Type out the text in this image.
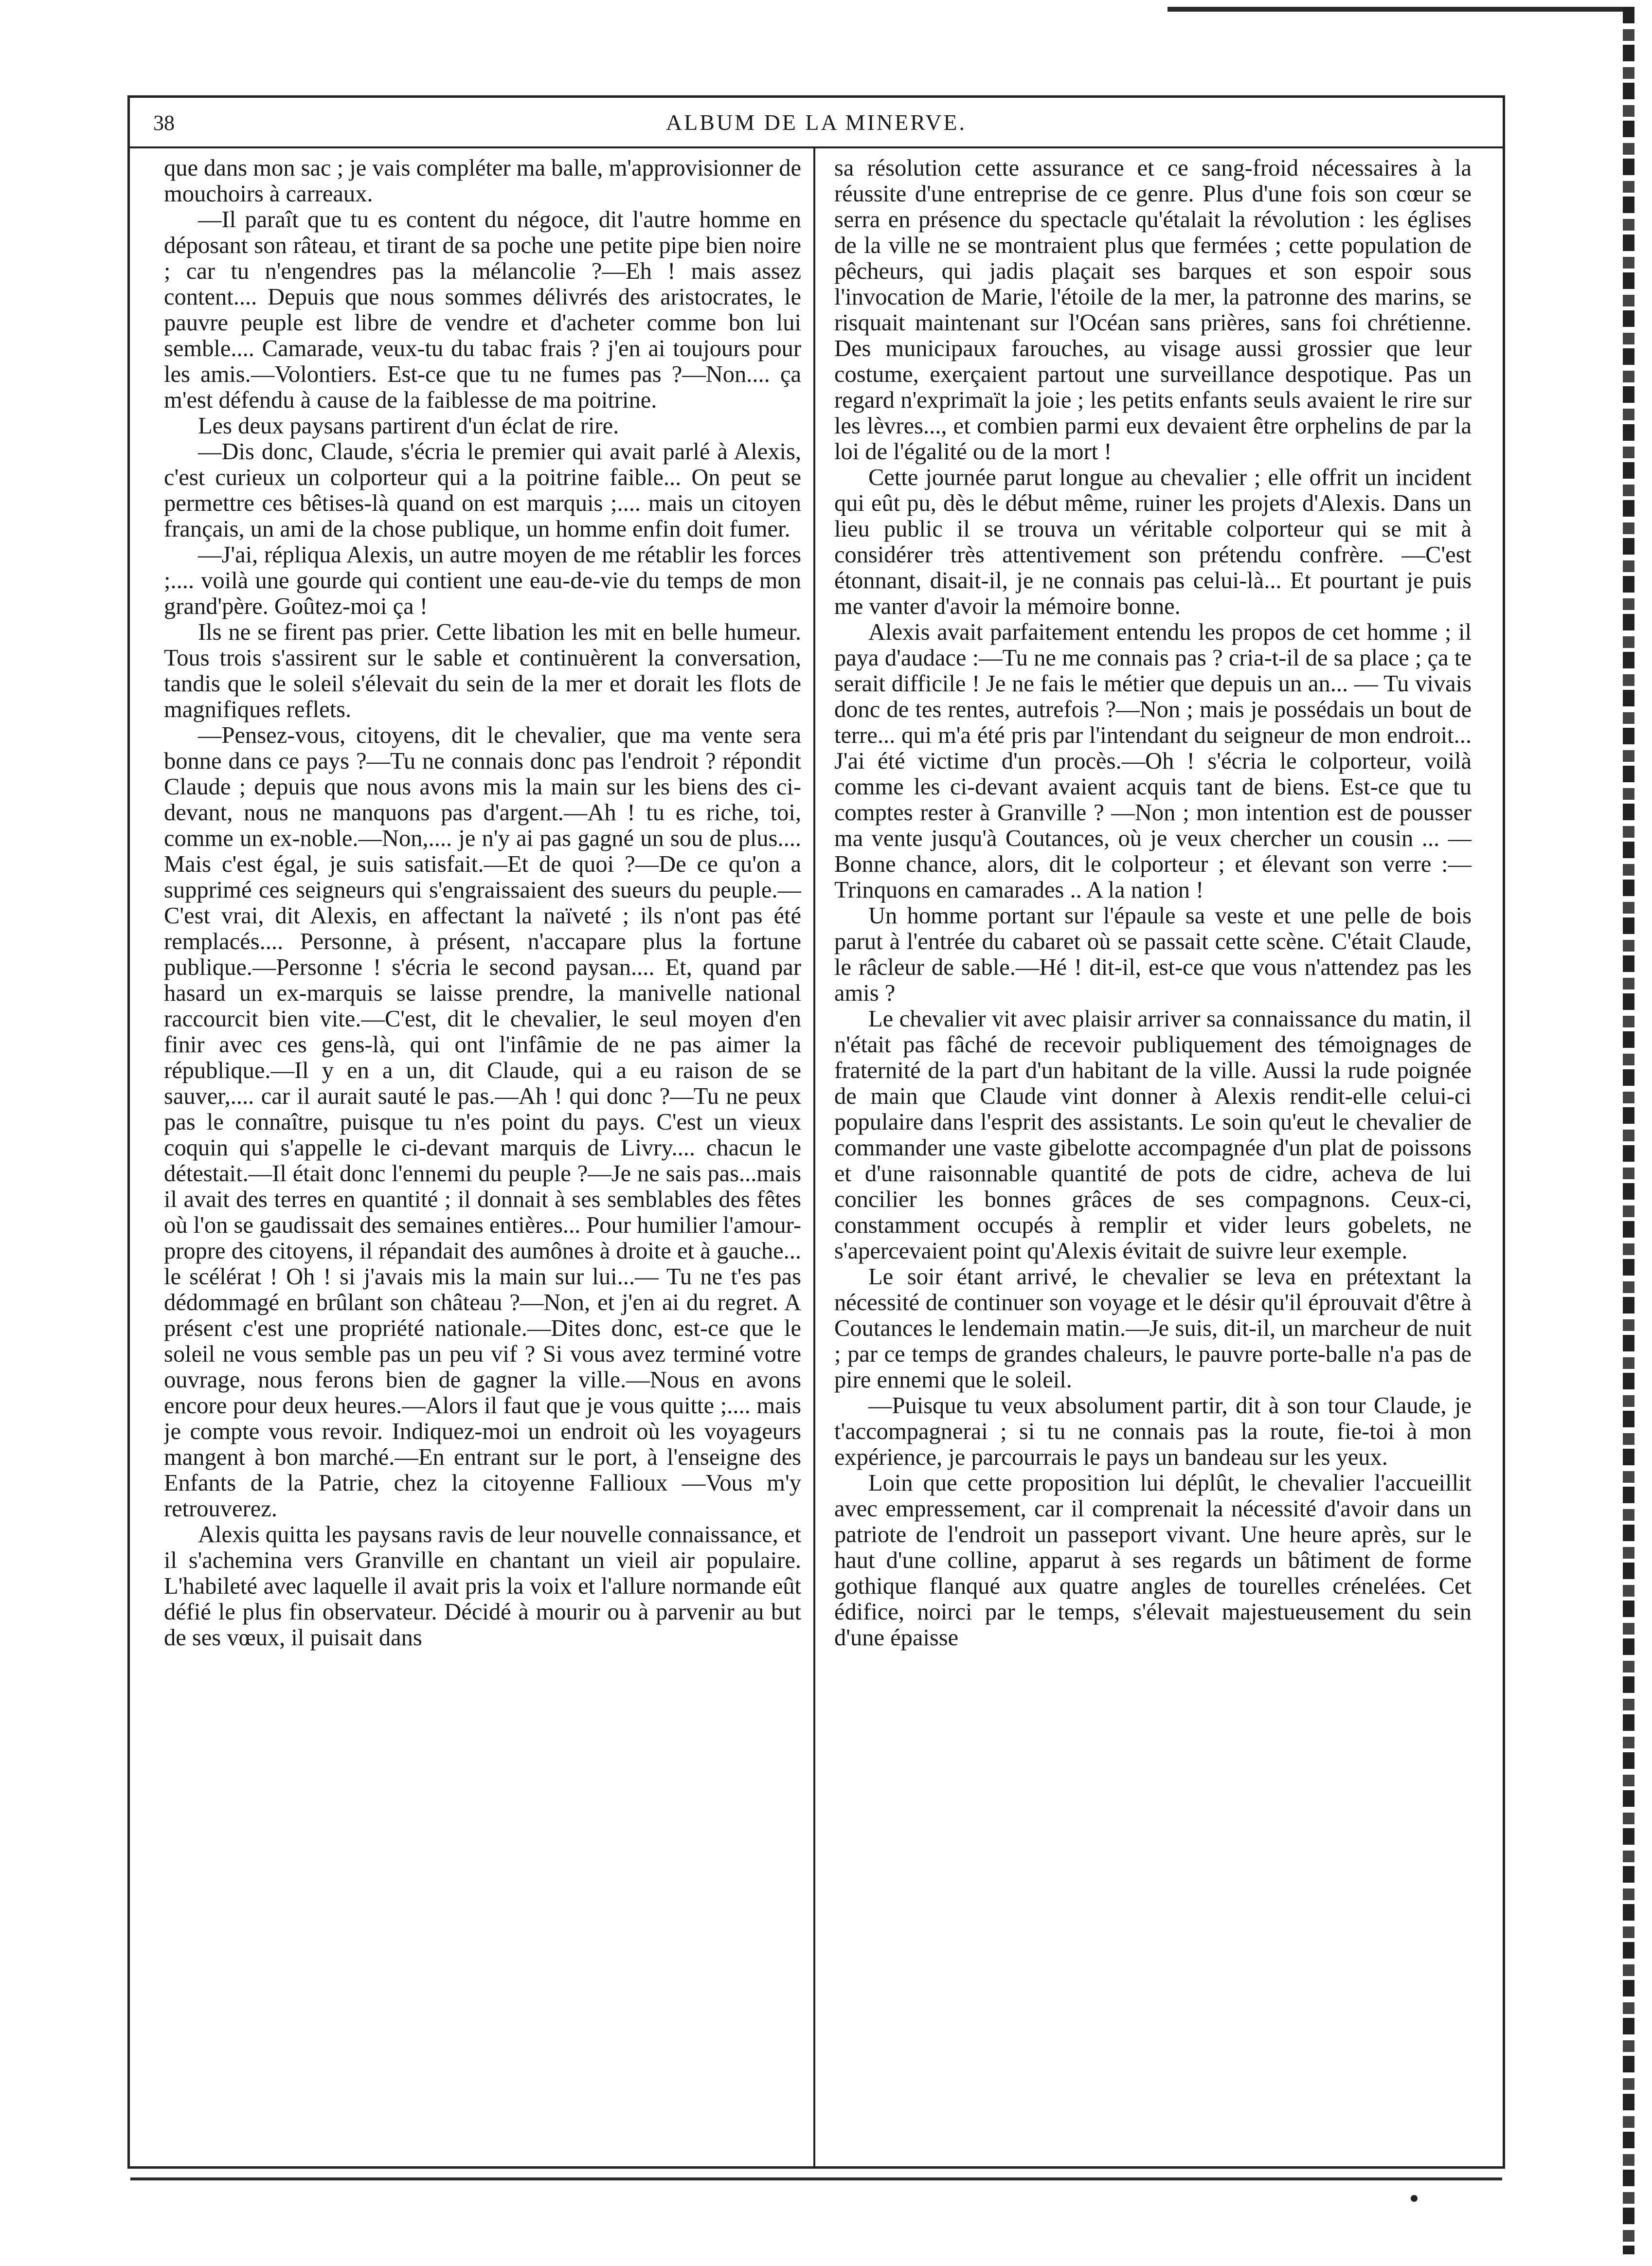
38	ALBUM DE LA MINERVE.

que dans mon sac ; je vais compléter ma balle, m'approvisionner de mouchoirs à carreaux.

—Il paraît que tu es content du négoce, dit l'autre homme en déposant son râteau, et tirant de sa poche une petite pipe bien noire ; car tu n'engendres pas la mélancolie ?—Eh ! mais assez content.... Depuis que nous sommes délivrés des aristocrates, le pauvre peuple est libre de vendre et d'acheter comme bon lui semble.... Camarade, veux-tu du tabac frais ? j'en ai toujours pour les amis.—Volontiers. Est-ce que tu ne fumes pas ?—Non.... ça m'est défendu à cause de la faiblesse de ma poitrine.

Les deux paysans partirent d'un éclat de rire.

—Dis donc, Claude, s'écria le premier qui avait parlé à Alexis, c'est curieux un colporteur qui a la poitrine faible... On peut se permettre ces bêtises-là quand on est marquis ;.... mais un citoyen français, un ami de la chose publique, un homme enfin doit fumer.

—J'ai, répliqua Alexis, un autre moyen de me rétablir les forces ;.... voilà une gourde qui contient une eau-de-vie du temps de mon grand'père. Goûtez-moi ça !

Ils ne se firent pas prier. Cette libation les mit en belle humeur. Tous trois s'assirent sur le sable et continuèrent la conversation, tandis que le soleil s'élevait du sein de la mer et dorait les flots de magnifiques reflets.

—Pensez-vous, citoyens, dit le chevalier, que ma vente sera bonne dans ce pays ?—Tu ne connais donc pas l'endroit ? répondit Claude ; depuis que nous avons mis la main sur les biens des ci-devant, nous ne manquons pas d'argent.—Ah ! tu es riche, toi, comme un ex-noble.—Non,.... je n'y ai pas gagné un sou de plus.... Mais c'est égal, je suis satisfait.—Et de quoi ?—De ce qu'on a supprimé ces seigneurs qui s'engraissaient des sueurs du peuple.—C'est vrai, dit Alexis, en affectant la naïveté ; ils n'ont pas été remplacés.... Personne, à présent, n'accapare plus la fortune publique.—Personne ! s'écria le second paysan.... Et, quand par hasard un ex-marquis se laisse prendre, la manivelle national raccourcit bien vite.—C'est, dit le chevalier, le seul moyen d'en finir avec ces gens-là, qui ont l'infâmie de ne pas aimer la république.—Il y en a un, dit Claude, qui a eu raison de se sauver,.... car il aurait sauté le pas.—Ah ! qui donc ?—Tu ne peux pas le connaître, puisque tu n'es point du pays. C'est un vieux coquin qui s'appelle le ci-devant marquis de Livry.... chacun le détestait.—Il était donc l'ennemi du peuple ?—Je ne sais pas...mais il avait des terres en quantité ; il donnait à ses semblables des fêtes où l'on se gaudissait des semaines entières... Pour humilier l'amour-propre des citoyens, il répandait des aumônes à droite et à gauche... le scélérat ! Oh ! si j'avais mis la main sur lui...— Tu ne t'es pas dédommagé en brûlant son château ?—Non, et j'en ai du regret. A présent c'est une propriété nationale.—Dites donc, est-ce que le soleil ne vous semble pas un peu vif ? Si vous avez terminé votre ouvrage, nous ferons bien de gagner la ville.—Nous en avons encore pour deux heures.—Alors il faut que je vous quitte ;.... mais je compte vous revoir. Indiquez-moi un endroit où les voyageurs mangent à bon marché.—En entrant sur le port, à l'enseigne des Enfants de la Patrie, chez la citoyenne Fallioux —Vous m'y retrouverez.

Alexis quitta les paysans ravis de leur nouvelle connaissance, et il s'achemina vers Granville en chantant un vieil air populaire. L'habileté avec laquelle il avait pris la voix et l'allure normande eût défié le plus fin observateur. Décidé à mourir ou à parvenir au but de ses vœux, il puisait dans

sa résolution cette assurance et ce sang-froid nécessaires à la réussite d'une entreprise de ce genre. Plus d'une fois son cœur se serra en présence du spectacle qu'étalait la révolution : les églises de la ville ne se montraient plus que fermées ; cette population de pêcheurs, qui jadis plaçait ses barques et son espoir sous l'invocation de Marie, l'étoile de la mer, la patronne des marins, se risquait maintenant sur l'Océan sans prières, sans foi chrétienne. Des municipaux farouches, au visage aussi grossier que leur costume, exerçaient partout une surveillance despotique. Pas un regard n'exprimaït la joie ; les petits enfants seuls avaient le rire sur les lèvres..., et combien parmi eux devaient être orphelins de par la loi de l'égalité ou de la mort !

Cette journée parut longue au chevalier ; elle offrit un incident qui eût pu, dès le début même, ruiner les projets d'Alexis. Dans un lieu public il se trouva un véritable colporteur qui se mit à considérer très attentivement son prétendu confrère. —C'est étonnant, disait-il, je ne connais pas celui-là... Et pourtant je puis me vanter d'avoir la mémoire bonne.

Alexis avait parfaitement entendu les propos de cet homme ; il paya d'audace :—Tu ne me connais pas ? cria-t-il de sa place ; ça te serait difficile ! Je ne fais le métier que depuis un an... — Tu vivais donc de tes rentes, autrefois ?—Non ; mais je possédais un bout de terre... qui m'a été pris par l'intendant du seigneur de mon endroit... J'ai été victime d'un procès.—Oh ! s'écria le colporteur, voilà comme les ci-devant avaient acquis tant de biens. Est-ce que tu comptes rester à Granville ? —Non ; mon intention est de pousser ma vente jusqu'à Coutances, où je veux chercher un cousin ... — Bonne chance, alors, dit le colporteur ; et élevant son verre :—Trinquons en camarades .. A la nation !

Un homme portant sur l'épaule sa veste et une pelle de bois parut à l'entrée du cabaret où se passait cette scène. C'était Claude, le râcleur de sable.—Hé ! dit-il, est-ce que vous n'attendez pas les amis ?

Le chevalier vit avec plaisir arriver sa connaissance du matin, il n'était pas fâché de recevoir publiquement des témoignages de fraternité de la part d'un habitant de la ville. Aussi la rude poignée de main que Claude vint donner à Alexis rendit-elle celui-ci populaire dans l'esprit des assistants. Le soin qu'eut le chevalier de commander une vaste gibelotte accompagnée d'un plat de poissons et d'une raisonnable quantité de pots de cidre, acheva de lui concilier les bonnes grâces de ses compagnons. Ceux-ci, constamment occupés à remplir et vider leurs gobelets, ne s'apercevaient point qu'Alexis évitait de suivre leur exemple.

Le soir étant arrivé, le chevalier se leva en prétextant la nécessité de continuer son voyage et le désir qu'il éprouvait d'être à Coutances le lendemain matin.—Je suis, dit-il, un marcheur de nuit ; par ce temps de grandes chaleurs, le pauvre porte-balle n'a pas de pire ennemi que le soleil.

—Puisque tu veux absolument partir, dit à son tour Claude, je t'accompagnerai ; si tu ne connais pas la route, fie-toi à mon expérience, je parcourrais le pays un bandeau sur les yeux.

Loin que cette proposition lui déplût, le chevalier l'accueillit avec empressement, car il comprenait la nécessité d'avoir dans un patriote de l'endroit un passeport vivant. Une heure après, sur le haut d'une colline, apparut à ses regards un bâtiment de forme gothique flanqué aux quatre angles de tourelles crénelées. Cet édifice, noirci par le temps, s'élevait majestueusement du sein d'une épaisse
